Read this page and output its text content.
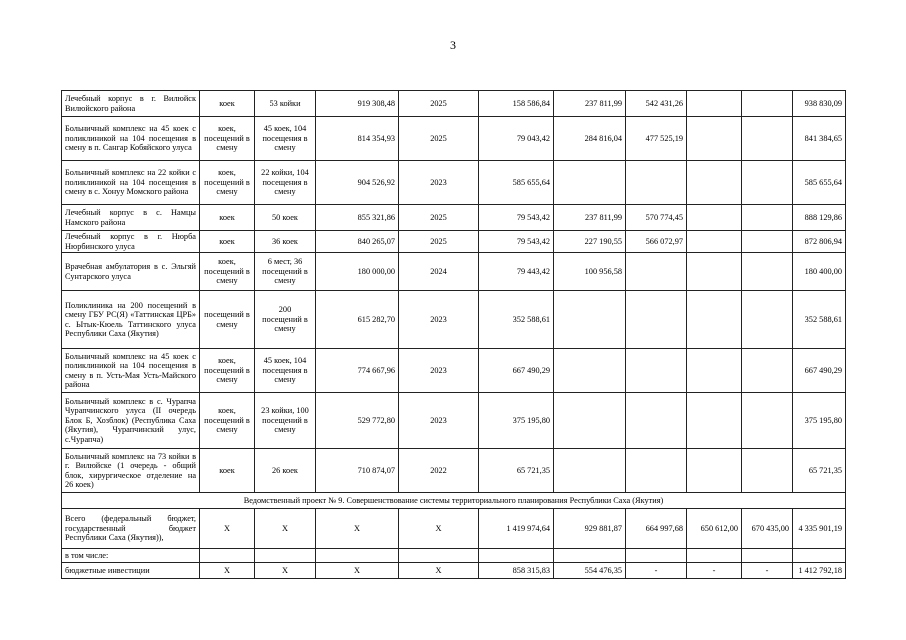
3
Лечебный корпус в г. Вилюйск Вилюйского района	коек	53 койки	919 308,48	2025	158 586,84	237 811,99	542 431,26			938 830,09
Больничный комплекс на 45 коек с поликлиникой на 104 посещения в смену в п. Сангар Кобяйского улуса	коек, посещений в смену	45 коек, 104 посещения в смену	814 354,93	2025	79 043,42	284 816,04	477 525,19			841 384,65
Больничный комплекс на 22 койки с поликлиникой на 104 посещения в смену в с. Хонуу Момского района	коек, посещений в смену	22 койки, 104 посещения в смену	904 526,92	2023	585 655,64					585 655,64
Лечебный корпус в с. Намцы Намского района	коек	50 коек	855 321,86	2025	79 543,42	237 811,99	570 774,45			888 129,86
Лечебный корпус в г. Нюрба Нюрбинского улуса	коек	36 коек	840 265,07	2025	79 543,42	227 190,55	566 072,97			872 806,94
Врачебная амбулатория в с. Эльгяй Сунтарского улуса	коек, посещений в смену	6 мест, 36 посещений в смену	180 000,00	2024	79 443,42	100 956,58				180 400,00
Поликлиника на 200 посещений в смену ГБУ РС(Я) «Таттинская ЦРБ» с. Ытык-Кюель Таттинского улуса Республики Саха (Якутия)	посещений в смену	200 посещений в смену	615 282,70	2023	352 588,61					352 588,61
Больничный комплекс на 45 коек с поликлиникой на 104 посещения в смену в п. Усть-Мая Усть-Майского района	коек, посещений в смену	45 коек, 104 посещения в смену	774 667,96	2023	667 490,29					667 490,29
Больничный комплекс в с. Чурапча Чурапчинского улуса (II очередь Блок Б, Хозблок) (Республика Саха (Якутия), Чурапчинский улус, с.Чурапча)	коек, посещений в смену	23 койки, 100 посещений в смену	529 772,80	2023	375 195,80					375 195,80
Больничный комплекс на 73 койки в г. Вилюйске (1 очередь - общий блок, хирургическое отделение на 26 коек)	коек	26 коек	710 874,07	2022	65 721,35					65 721,35
Ведомственный проект № 9. Совершенствование системы территориального планирования Республики Саха (Якутия)										
Всего (федеральный бюджет, государственный бюджет Республики Саха (Якутия)),	X	X	X	X	1 419 974,64	929 881,87	664 997,68	650 612,00	670 435,00	4 335 901,19
в том числе:										
бюджетные инвестиции	X	X	X	X	858 315,83	554 476,35	-	-	-	1 412 792,18
